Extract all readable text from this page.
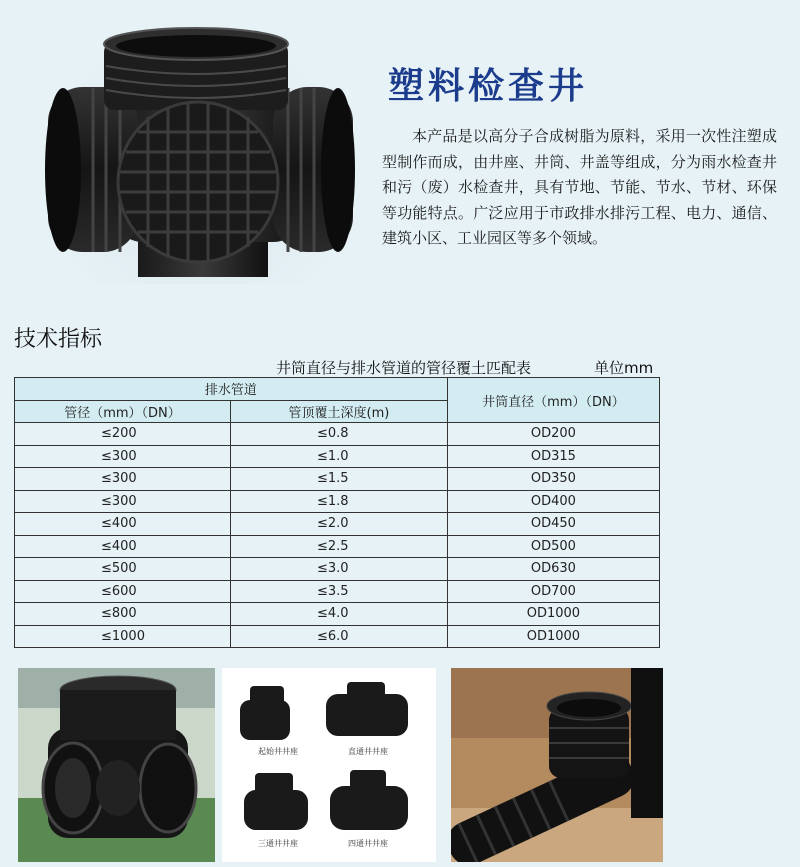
塑料检查井
本产品是以高分子合成树脂为原料，采用一次性注塑成型制作而成，由井座、井筒、井盖等组成，分为雨水检查井和污（废）水检查井，具有节地、节能、节水、节材、环保等功能特点。广泛应用于市政排水排污工程、电力、通信、建筑小区、工业园区等多个领域。
技术指标
井筒直径与排水管道的管径覆土匹配表	单位mm
排水管道		井筒直径（mm）（DN）
管径（mm）（DN）	管顶覆土深度(m)	
≤200	≤0.8	OD200
≤300	≤1.0	OD315
≤300	≤1.5	OD350
≤300	≤1.8	OD400
≤400	≤2.0	OD450
≤400	≤2.5	OD500
≤500	≤3.0	OD630
≤600	≤3.5	OD700
≤800	≤4.0	OD1000
≤1000	≤6.0	OD1000
起始井井座	直通井井座
三通井井座	四通井井座
